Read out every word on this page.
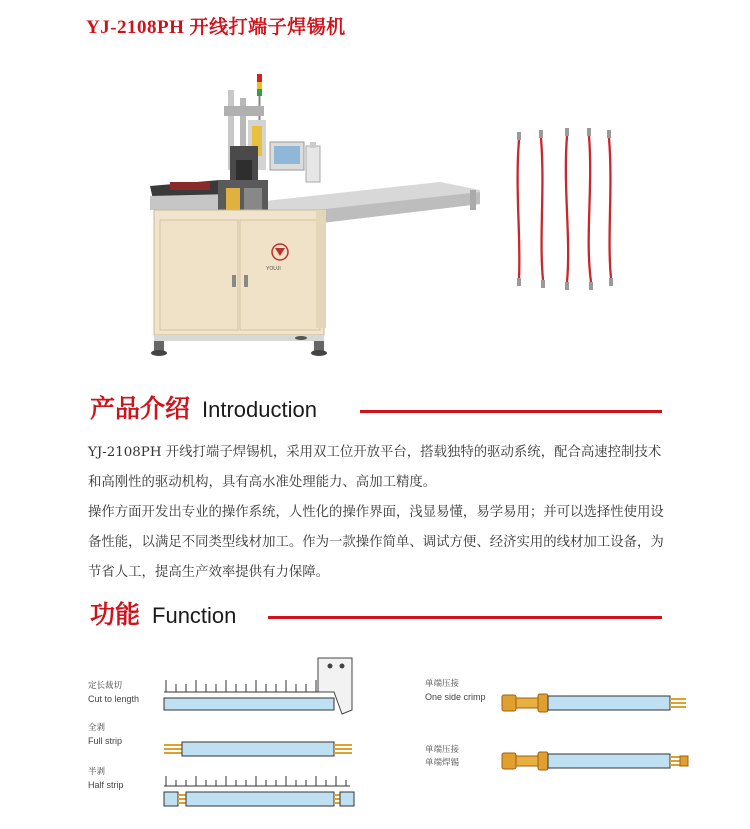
YJ-2108PH 开线打端子焊锡机
YOUJI
产品介绍 Introduction

YJ-2108PH 开线打端子焊锡机，采用双工位开放平台，搭载独特的驱动系统，配合高速控制技术和高刚性的驱动机构，具有高水准处理能力、高加工精度。

操作方面开发出专业的操作系统，人性化的操作界面，浅显易懂，易学易用；并可以选择性使用设备性能，以满足不同类型线材加工。作为一款操作简单、调试方便、经济实用的线材加工设备，为节省人工，提高生产效率提供有力保障。

功能 Function
定长裁切
Cut to length
全剥
Full strip
半剥
Half strip
单端压接
One side crimp
单端压接
单端焊锡
